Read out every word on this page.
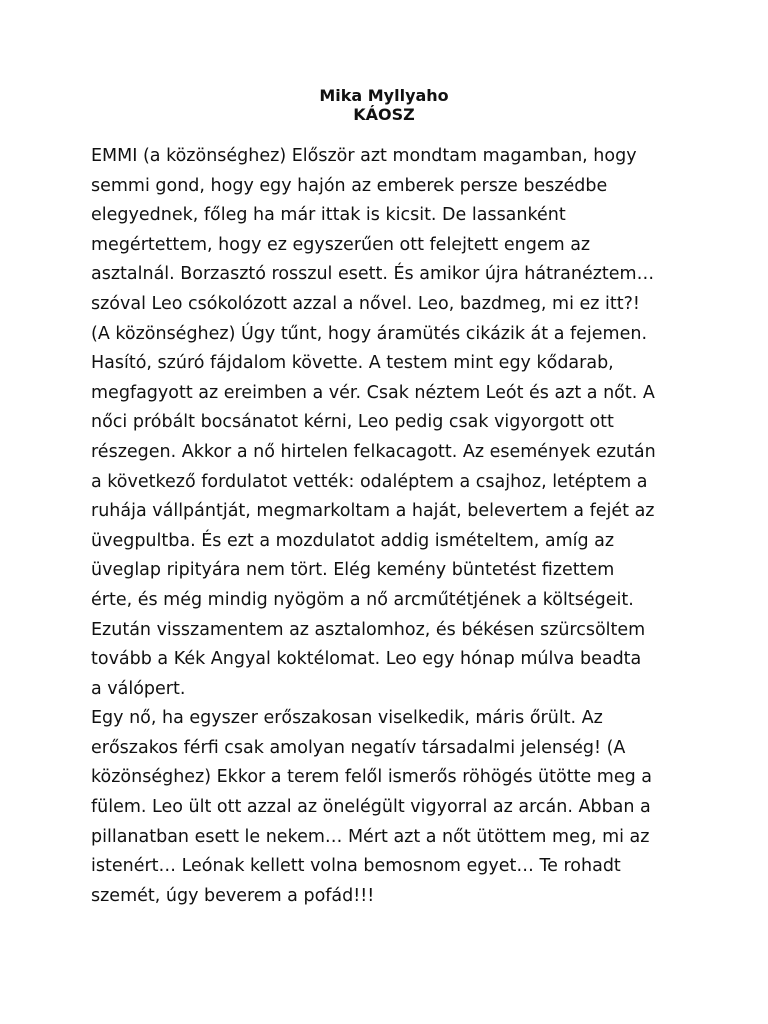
Mika Myllyaho
KÁOSZ
EMMI (a közönséghez) Először azt mondtam magamban, hogy
semmi gond, hogy egy hajón az emberek persze beszédbe
elegyednek, főleg ha már ittak is kicsit. De lassanként
megértettem, hogy ez egyszerűen ott felejtett engem az
asztalnál. Borzasztó rosszul esett. És amikor újra hátranéztem…
szóval Leo csókolózott azzal a nővel. Leo, bazdmeg, mi ez itt?!
(A közönséghez) Úgy tűnt, hogy áramütés cikázik át a fejemen.
Hasító, szúró fájdalom követte. A testem mint egy kődarab,
megfagyott az ereimben a vér. Csak néztem Leót és azt a nőt. A
nőci próbált bocsánatot kérni, Leo pedig csak vigyorgott ott
részegen. Akkor a nő hirtelen felkacagott. Az események ezután
a következő fordulatot vették: odaléptem a csajhoz, letéptem a
ruhája vállpántját, megmarkoltam a haját, belevertem a fejét az
üvegpultba. És ezt a mozdulatot addig ismételtem, amíg az
üveglap ripityára nem tört. Elég kemény büntetést fizettem
érte, és még mindig nyögöm a nő arcműtétjének a költségeit.
Ezután visszamentem az asztalomhoz, és békésen szürcsöltem
tovább a Kék Angyal koktélomat. Leo egy hónap múlva beadta
a válópert.
Egy nő, ha egyszer erőszakosan viselkedik, máris őrült. Az
erőszakos férfi csak amolyan negatív társadalmi jelenség! (A
közönséghez) Ekkor a terem felől ismerős röhögés ütötte meg a
fülem. Leo ült ott azzal az önelégült vigyorral az arcán. Abban a
pillanatban esett le nekem… Mért azt a nőt ütöttem meg, mi az
istenért… Leónak kellett volna bemosnom egyet… Te rohadt
szemét, úgy beverem a pofád!!!
